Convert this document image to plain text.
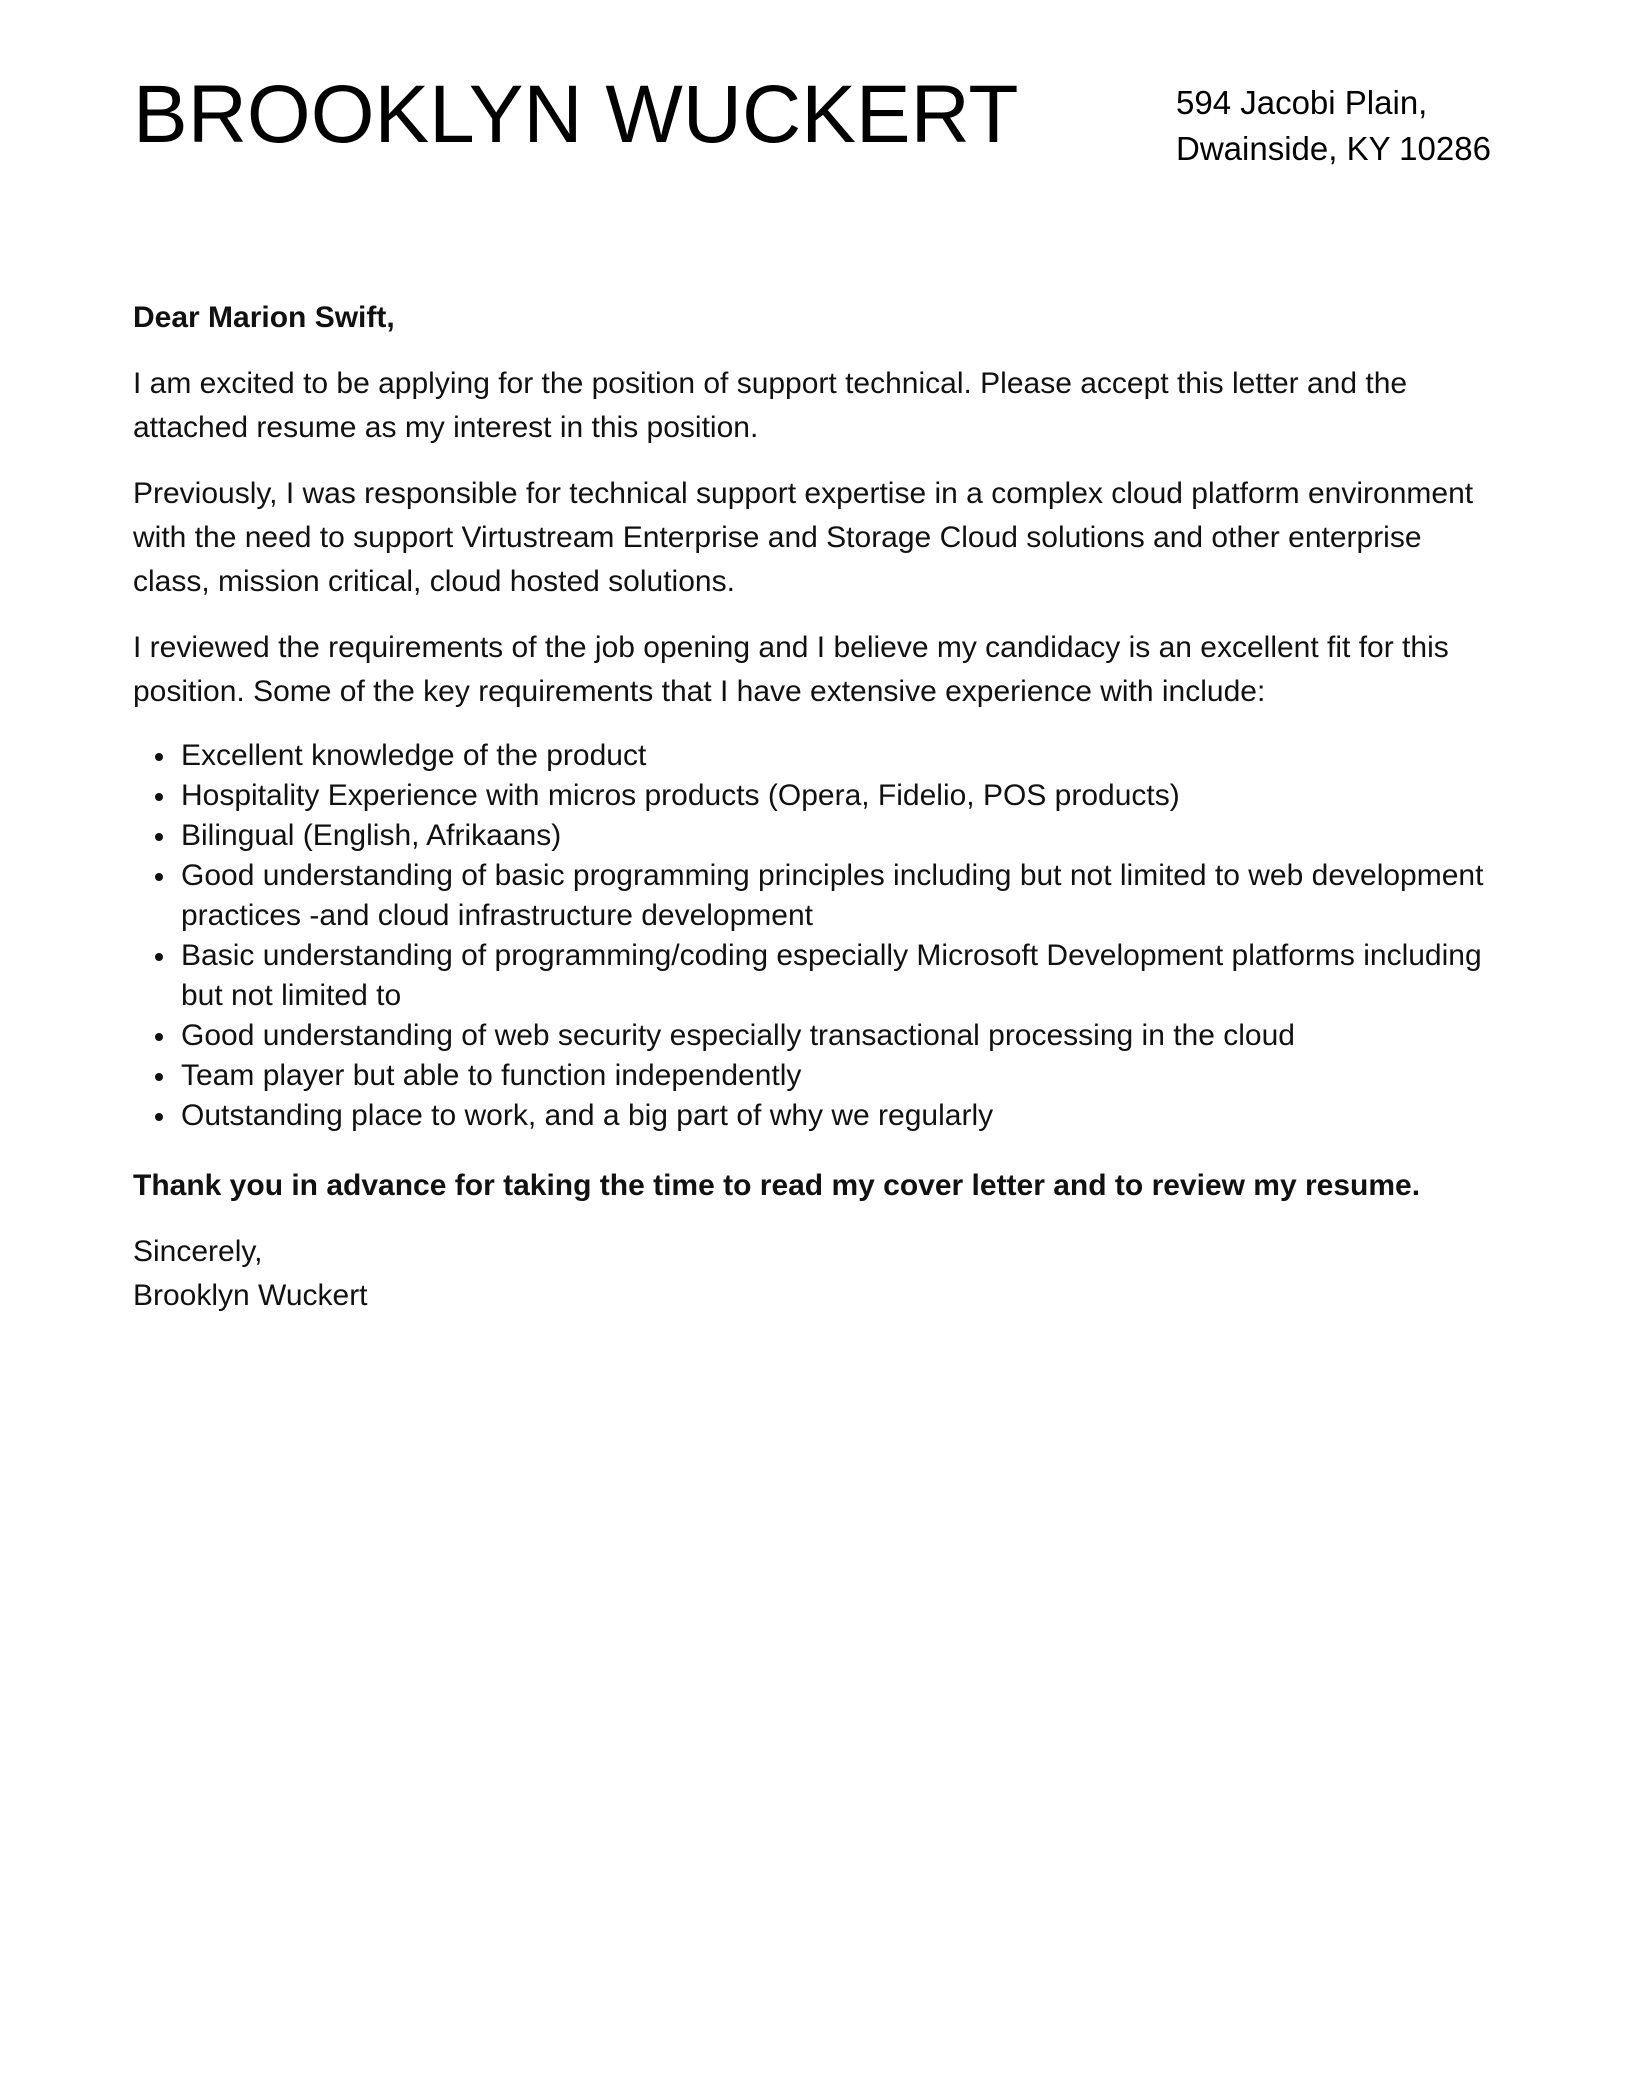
BROOKLYN WUCKERT	594 Jacobi Plain,
Dwainside, KY 10286

Dear Marion Swift,

I am excited to be applying for the position of support technical. Please accept this letter and the attached resume as my interest in this position.

Previously, I was responsible for technical support expertise in a complex cloud platform environment with the need to support Virtustream Enterprise and Storage Cloud solutions and other enterprise class, mission critical, cloud hosted solutions.

I reviewed the requirements of the job opening and I believe my candidacy is an excellent fit for this position. Some of the key requirements that I have extensive experience with include:

Excellent knowledge of the product
Hospitality Experience with micros products (Opera, Fidelio, POS products)
Bilingual (English, Afrikaans)
Good understanding of basic programming principles including but not limited to web development practices -and cloud infrastructure development
Basic understanding of programming/coding especially Microsoft Development platforms including but not limited to
Good understanding of web security especially transactional processing in the cloud
Team player but able to function independently
Outstanding place to work, and a big part of why we regularly

Thank you in advance for taking the time to read my cover letter and to review my resume.

Sincerely,

Brooklyn Wuckert
